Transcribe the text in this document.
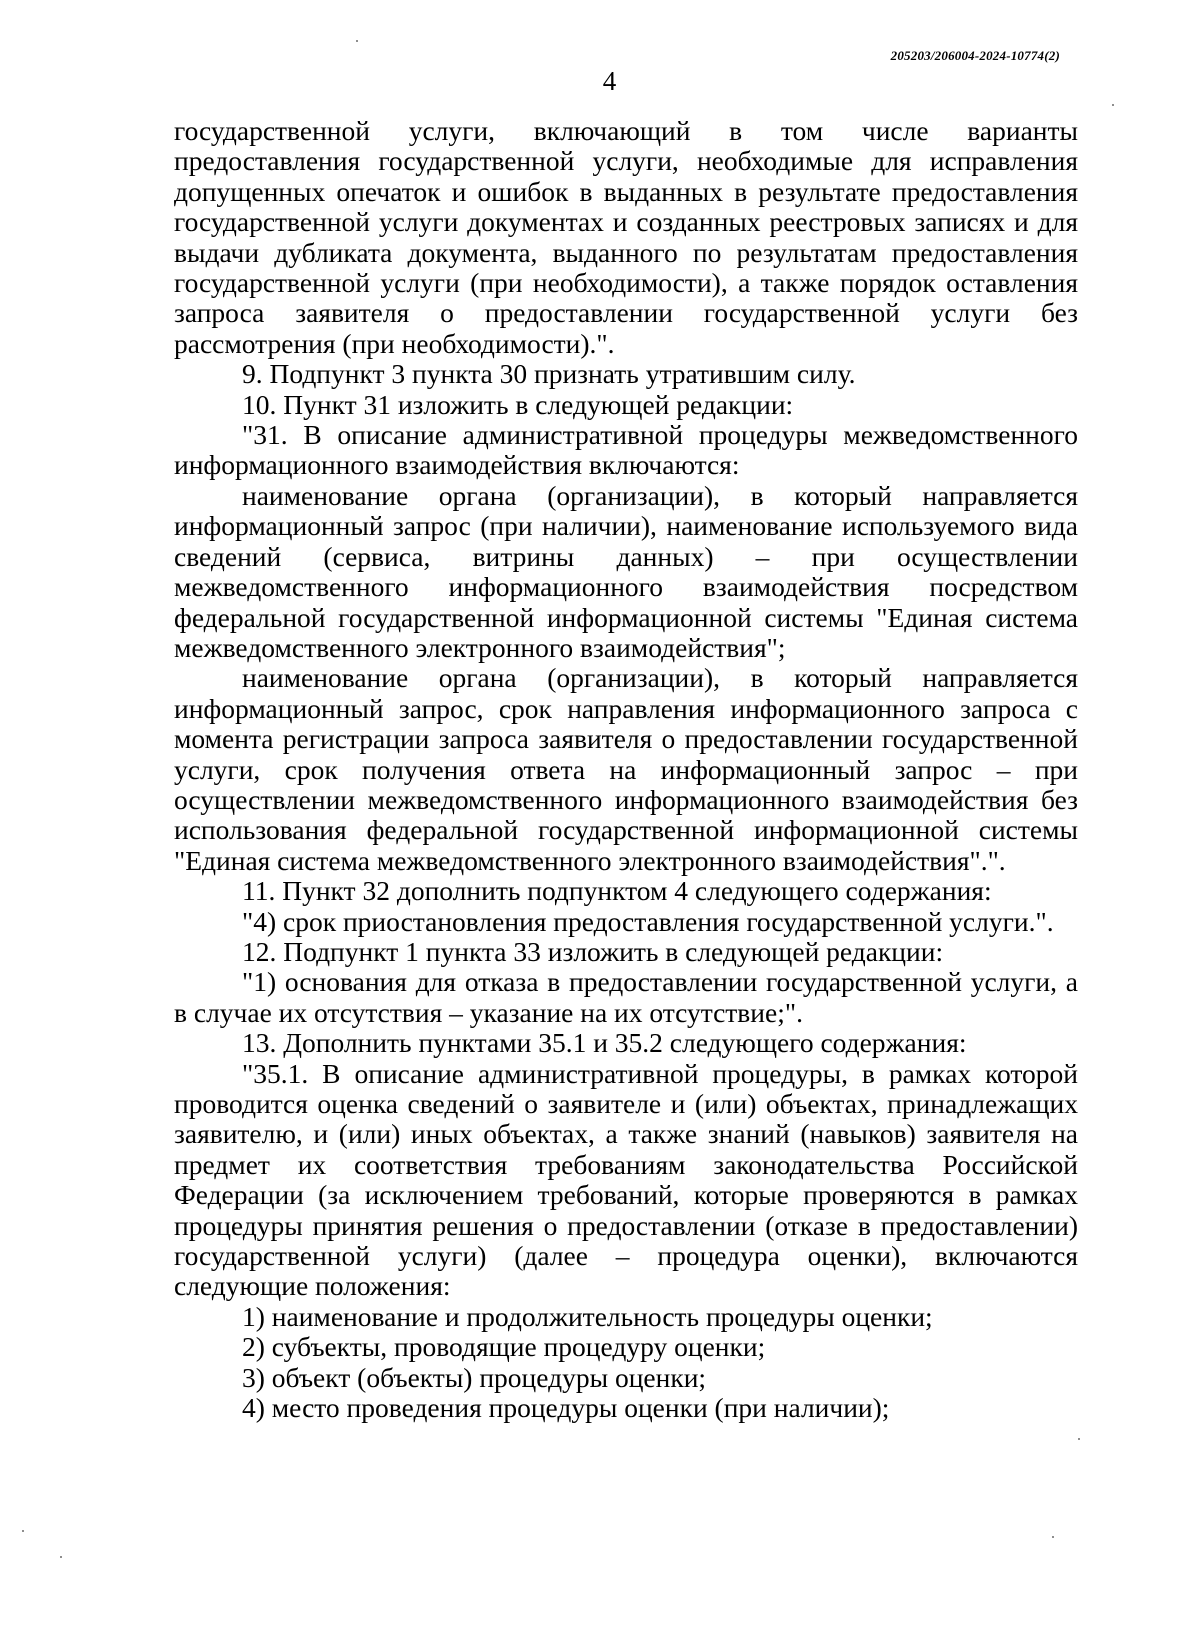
205203/206004-2024-10774(2)
4

государственной услуги, включающий в том числе варианты предоставления государственной услуги, необходимые для исправления допущенных опечаток и ошибок в выданных в результате предоставления государственной услуги документах и созданных реестровых записях и для выдачи дубликата документа, выданного по результатам предоставления государственной услуги (при необходимости), а также порядок оставления запроса заявителя о предоставлении государственной услуги без рассмотрения (при необходимости).".

9. Подпункт 3 пункта 30 признать утратившим силу.

10. Пункт 31 изложить в следующей редакции:

"31. В описание административной процедуры межведомственного информационного взаимодействия включаются:

наименование органа (организации), в который направляется информационный запрос (при наличии), наименование используемого вида сведений (сервиса, витрины данных) – при осуществлении межведомственного информационного взаимодействия посредством федеральной государственной информационной системы "Единая система межведомственного электронного взаимодействия";

наименование органа (организации), в который направляется информационный запрос, срок направления информационного запроса с момента регистрации запроса заявителя о предоставлении государственной услуги, срок получения ответа на информационный запрос – при осуществлении межведомственного информационного взаимодействия без использования федеральной государственной информационной системы "Единая система межведомственного электронного взаимодействия".".

11. Пункт 32 дополнить подпунктом 4 следующего содержания:

"4) срок приостановления предоставления государственной услуги.".

12. Подпункт 1 пункта 33 изложить в следующей редакции:

"1) основания для отказа в предоставлении государственной услуги, а в случае их отсутствия – указание на их отсутствие;".

13. Дополнить пунктами 35.1 и 35.2 следующего содержания:

"35.1. В описание административной процедуры, в рамках которой проводится оценка сведений о заявителе и (или) объектах, принадлежащих заявителю, и (или) иных объектах, а также знаний (навыков) заявителя на предмет их соответствия требованиям законодательства Российской Федерации (за исключением требований, которые проверяются в рамках процедуры принятия решения о предоставлении (отказе в предоставлении) государственной услуги) (далее – процедура оценки), включаются следующие положения:

1) наименование и продолжительность процедуры оценки;

2) субъекты, проводящие процедуру оценки;

3) объект (объекты) процедуры оценки;

4) место проведения процедуры оценки (при наличии);
